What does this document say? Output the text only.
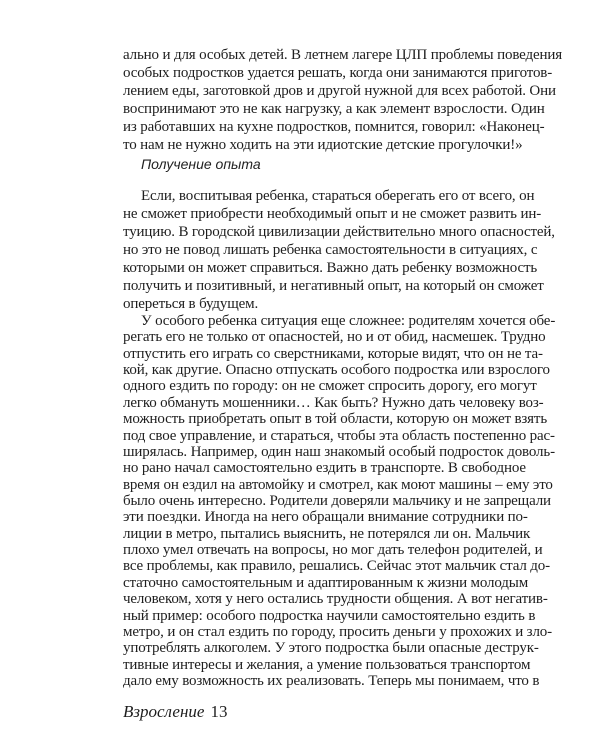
ально и для особых детей. В летнем лагере ЦЛП проблемы поведения
особых подростков удается решать, когда они занимаются приготов-
лением еды, заготовкой дров и другой нужной для всех работой. Они
воспринимают это не как нагрузку, а как элемент взрослости. Один
из работавших на кухне подростков, помнится, говорил: «Наконец-
то нам не нужно ходить на эти идиотские детские прогулочки!»
Получение опыта
Если, воспитывая ребенка, стараться оберегать его от всего, он
не сможет приобрести необходимый опыт и не сможет развить ин-
туицию. В городской цивилизации действительно много опасностей,
но это не повод лишать ребенка самостоятельности в ситуациях, с
которыми он может справиться. Важно дать ребенку возможность
получить и позитивный, и негативный опыт, на который он сможет
опереться в будущем.
У особого ребенка ситуация еще сложнее: родителям хочется обе-
регать его не только от опасностей, но и от обид, насмешек. Трудно
отпустить его играть со сверстниками, которые видят, что он не та-
кой, как другие. Опасно отпускать особого подростка или взрослого
одного ездить по городу: он не сможет спросить дорогу, его могут
легко обмануть мошенники… Как быть? Нужно дать человеку воз-
можность приобретать опыт в той области, которую он может взять
под свое управление, и стараться, чтобы эта область постепенно рас-
ширялась. Например, один наш знакомый особый подросток доволь-
но рано начал самостоятельно ездить в транспорте. В свободное
время он ездил на автомойку и смотрел, как моют машины – ему это
было очень интересно. Родители доверяли мальчику и не запрещали
эти поездки. Иногда на него обращали внимание сотрудники по-
лиции в метро, пытались выяснить, не потерялся ли он. Мальчик
плохо умел отвечать на вопросы, но мог дать телефон родителей, и
все проблемы, как правило, решались. Сейчас этот мальчик стал до-
статочно самостоятельным и адаптированным к жизни молодым
человеком, хотя у него остались трудности общения. А вот негатив-
ный пример: особого подростка научили самостоятельно ездить в
метро, и он стал ездить по городу, просить деньги у прохожих и зло-
употреблять алкоголем. У этого подростка были опасные деструк-
тивные интересы и желания, а умение пользоваться транспортом
дало ему возможность их реализовать. Теперь мы понимаем, что в
Взросление 13
